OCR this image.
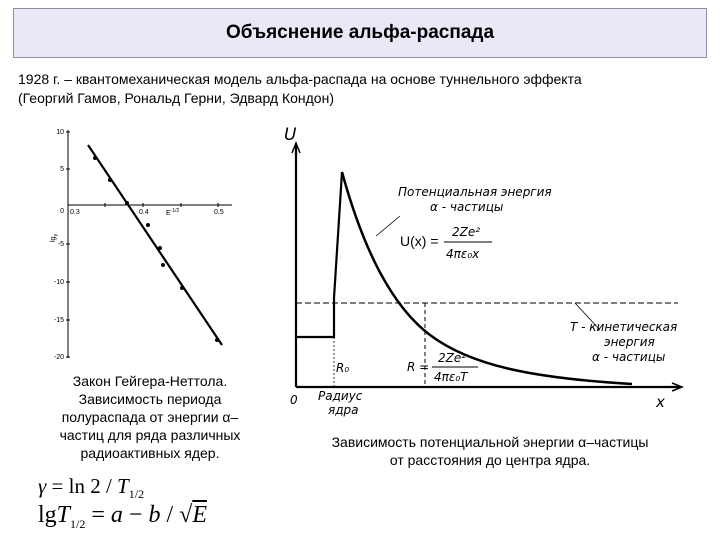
Объяснение альфа-распада
1928 г. – квантомеханическая модель альфа-распада на основе туннельного эффекта
(Георгий Гамов, Рональд Герни, Эдвард Кондон)
10
5
0
-5
-10
-15
-20
0.3	0.4	0.5
$E^{-1/2}$
$\lg_\gamma$
U
x
0
Потенциальная энергия
α - частицы
U(x) =
2Ze²
4πε₀x
T - кинетическая
энергия
α - частицы
R₀
Радиус
ядра
R =
2Ze²
4πε₀T
Закон Гейгера-Неттола.
Зависимость периода
полураспада от энергии α–
частиц для ряда различных
радиоактивных ядер.
Зависимость потенциальной энергии α–частицы
от расстояния до центра ядра.
$\gamma = \ln 2 / T_{1/2}$
lgT$_{1/2}$ = a − b / √E
